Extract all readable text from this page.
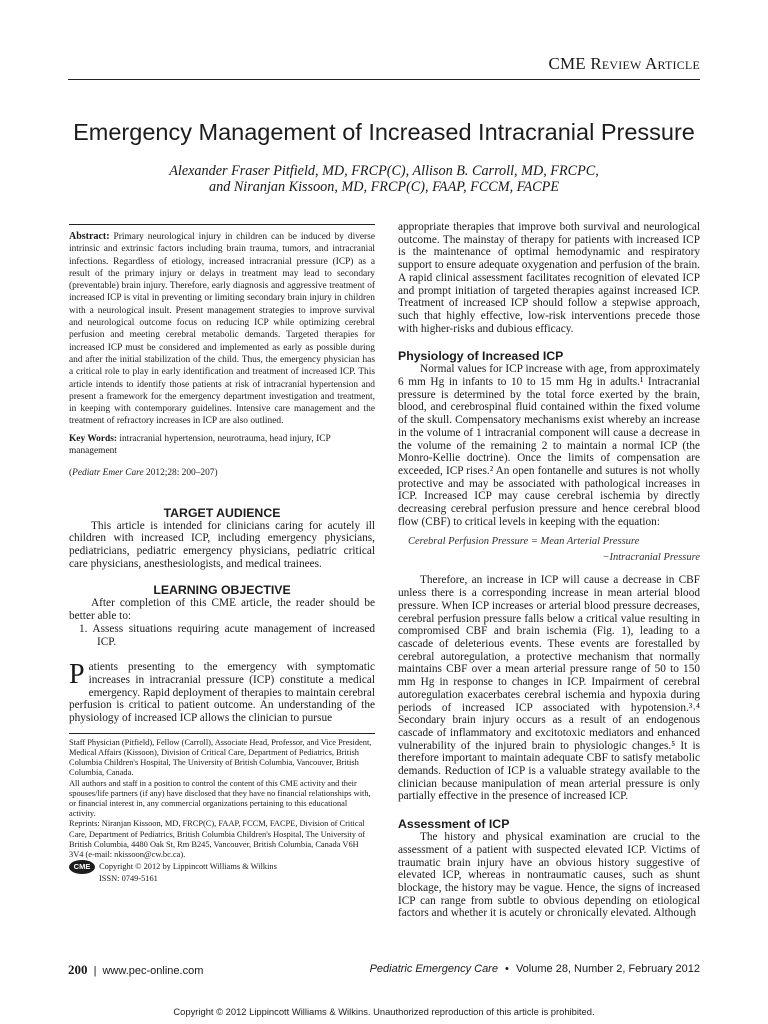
CME Review Article
Emergency Management of Increased Intracranial Pressure
Alexander Fraser Pitfield, MD, FRCP(C), Allison B. Carroll, MD, FRCPC,
and Niranjan Kissoon, MD, FRCP(C), FAAP, FCCM, FACPE

Abstract: Primary neurological injury in children can be induced by diverse intrinsic and extrinsic factors including brain trauma, tumors, and intracranial infections. Regardless of etiology, increased intracranial pressure (ICP) as a result of the primary injury or delays in treatment may lead to secondary (preventable) brain injury. Therefore, early diagnosis and aggressive treatment of increased ICP is vital in preventing or limiting secondary brain injury in children with a neurological insult. Present management strategies to improve survival and neurological outcome focus on reducing ICP while optimizing cerebral perfusion and meeting cerebral metabolic demands. Targeted therapies for increased ICP must be considered and implemented as early as possible during and after the initial stabilization of the child. Thus, the emergency physician has a critical role to play in early identification and treatment of increased ICP. This article intends to identify those patients at risk of intracranial hypertension and present a framework for the emergency department investigation and treatment, in keeping with contemporary guidelines. Intensive care management and the treatment of refractory increases in ICP are also outlined.

Key Words: intracranial hypertension, neurotrauma, head injury, ICP management

(Pediatr Emer Care 2012;28: 200–207)

TARGET AUDIENCE

This article is intended for clinicians caring for acutely ill children with increased ICP, including emergency physicians, pediatricians, pediatric emergency physicians, pediatric critical care physicians, anesthesiologists, and medical trainees.

LEARNING OBJECTIVE

After completion of this CME article, the reader should be better able to:

1. Assess situations requiring acute management of increased ICP.

Patients presenting to the emergency with symptomatic increases in intracranial pressure (ICP) constitute a medical emergency. Rapid deployment of therapies to maintain cerebral perfusion is critical to patient outcome. An understanding of the physiology of increased ICP allows the clinician to pursue

Staff Physician (Pitfield), Fellow (Carroll), Associate Head, Professor, and Vice President, Medical Affairs (Kissoon), Division of Critical Care, Department of Pediatrics, British Columbia Children's Hospital, The University of British Columbia, Vancouver, British Columbia, Canada.

All authors and staff in a position to control the content of this CME activity and their spouses/life partners (if any) have disclosed that they have no financial relationships with, or financial interest in, any commercial organizations pertaining to this educational activity.

Reprints: Niranjan Kissoon, MD, FRCP(C), FAAP, FCCM, FACPE, Division of Critical Care, Department of Pediatrics, British Columbia Children's Hospital, The University of British Columbia, 4480 Oak St, Rm B245, Vancouver, British Columbia, Canada V6H 3V4 (e-mail: nkissoon@cw.bc.ca).

CME Copyright © 2012 by Lippincott Williams & Wilkins

ISSN: 0749-5161

appropriate therapies that improve both survival and neurological outcome. The mainstay of therapy for patients with increased ICP is the maintenance of optimal hemodynamic and respiratory support to ensure adequate oxygenation and perfusion of the brain. A rapid clinical assessment facilitates recognition of elevated ICP and prompt initiation of targeted therapies against increased ICP. Treatment of increased ICP should follow a stepwise approach, such that highly effective, low-risk interventions precede those with higher-risks and dubious efficacy.

Physiology of Increased ICP

Normal values for ICP increase with age, from approximately 6 mm Hg in infants to 10 to 15 mm Hg in adults.¹ Intracranial pressure is determined by the total force exerted by the brain, blood, and cerebrospinal fluid contained within the fixed volume of the skull. Compensatory mechanisms exist whereby an increase in the volume of 1 intracranial component will cause a decrease in the volume of the remaining 2 to maintain a normal ICP (the Monro-Kellie doctrine). Once the limits of compensation are exceeded, ICP rises.² An open fontanelle and sutures is not wholly protective and may be associated with pathological increases in ICP. Increased ICP may cause cerebral ischemia by directly decreasing cerebral perfusion pressure and hence cerebral blood flow (CBF) to critical levels in keeping with the equation:

Cerebral Perfusion Pressure = Mean Arterial Pressure
−Intracranial Pressure

Therefore, an increase in ICP will cause a decrease in CBF unless there is a corresponding increase in mean arterial blood pressure. When ICP increases or arterial blood pressure decreases, cerebral perfusion pressure falls below a critical value resulting in compromised CBF and brain ischemia (Fig. 1), leading to a cascade of deleterious events. These events are forestalled by cerebral autoregulation, a protective mechanism that normally maintains CBF over a mean arterial pressure range of 50 to 150 mm Hg in response to changes in ICP. Impairment of cerebral autoregulation exacerbates cerebral ischemia and hypoxia during periods of increased ICP associated with hypotension.³˒⁴ Secondary brain injury occurs as a result of an endogenous cascade of inflammatory and excitotoxic mediators and enhanced vulnerability of the injured brain to physiologic changes.⁵ It is therefore important to maintain adequate CBF to satisfy metabolic demands. Reduction of ICP is a valuable strategy available to the clinician because manipulation of mean arterial pressure is only partially effective in the presence of increased ICP.

Assessment of ICP

The history and physical examination are crucial to the assessment of a patient with suspected elevated ICP. Victims of traumatic brain injury have an obvious history suggestive of elevated ICP, whereas in nontraumatic causes, such as shunt blockage, the history may be vague. Hence, the signs of increased ICP can range from subtle to obvious depending on etiological factors and whether it is acutely or chronically elevated. Although

200 | www.pec-online.com	Pediatric Emergency Care • Volume 28, Number 2, February 2012
Copyright © 2012 Lippincott Williams & Wilkins. Unauthorized reproduction of this article is prohibited.
